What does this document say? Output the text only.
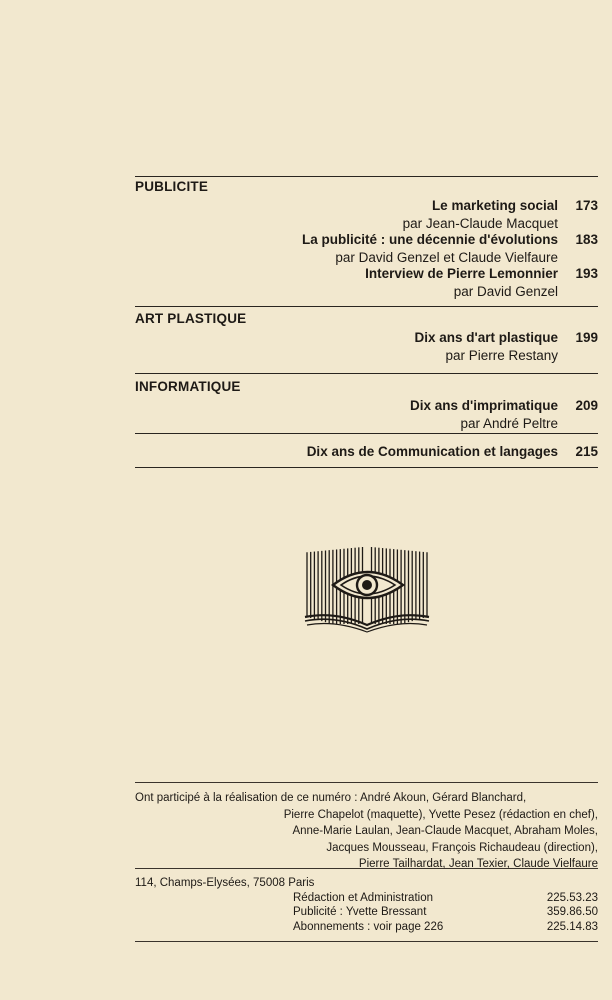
PUBLICITE
Le marketing social 173
par Jean-Claude Macquet
La publicité : une décennie d'évolutions 183
par David Genzel et Claude Vielfaure
Interview de Pierre Lemonnier 193
par David Genzel
ART PLASTIQUE
Dix ans d'art plastique 199
par Pierre Restany
INFORMATIQUE
Dix ans d'imprimatique 209
par André Peltre
Dix ans de Communication et langages 215
Ont participé à la réalisation de ce numéro : André Akoun, Gérard Blanchard,
Pierre Chapelot (maquette), Yvette Pesez (rédaction en chef),
Anne-Marie Laulan, Jean-Claude Macquet, Abraham Moles,
Jacques Mousseau, François Richaudeau (direction),
Pierre Tailhardat, Jean Texier, Claude Vielfaure
114, Champs-Elysées, 75008 Paris
Rédaction et Administration	225.53.23
Publicité : Yvette Bressant	359.86.50
Abonnements : voir page 226	225.14.83
